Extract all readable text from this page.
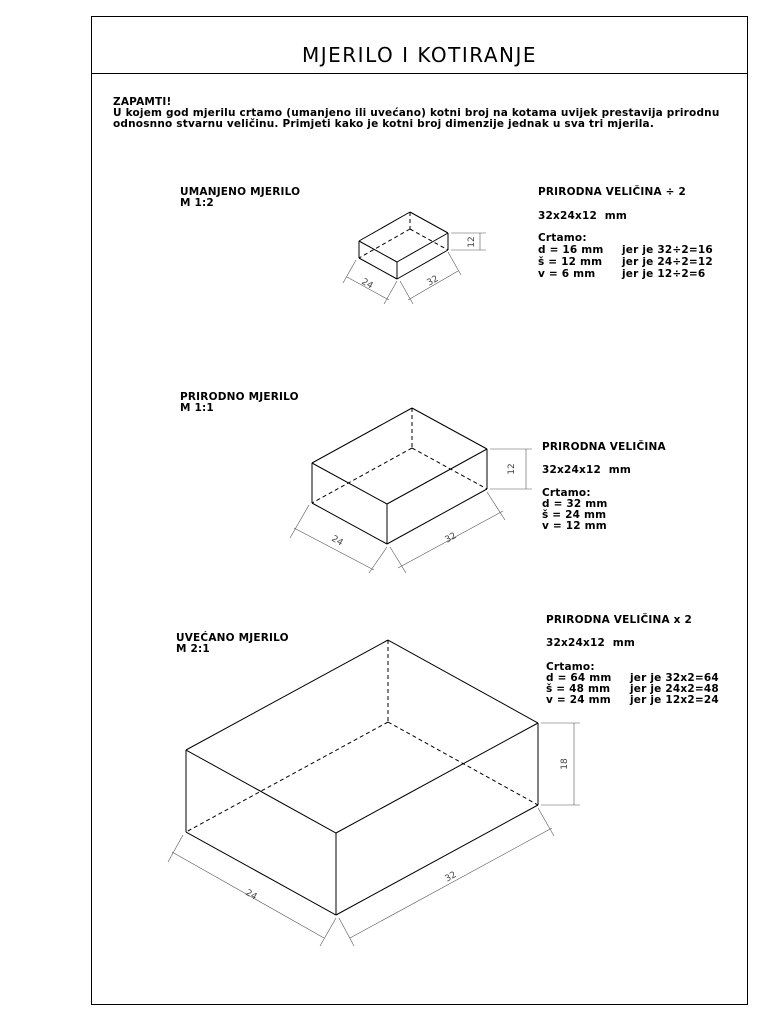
MJERILO I KOTIRANJE
ZAPAMTI!
U kojem god mjerilu crtamo (umanjeno ili uvećano) kotni broj na kotama uvijek prestavija prirodnu
odnosnno stvarnu veličinu. Primjeti kako je kotni broj dimenzije jednak u sva tri mjerila.
UMANJENO MJERILO
M 1:2
PRIRODNA VELIČINA ÷ 2
32x24x12  mm
Crtamo:
d = 16 mm jer je 32÷2=16
š = 12 mm jer je 24÷2=12
v = 6 mm	jer je 12÷2=6
PRIRODNO MJERILO
M 1:1
PRIRODNA VELIČINA
32x24x12  mm
Crtamo:
d = 32 mm
š = 24 mm
v = 12 mm
UVEĆANO MJERILO
M 2:1
PRIRODNA VELIČINA x 2
32x24x12  mm
Crtamo:
d = 64 mm jer je 32x2=64
š = 48 mm jer je 24x2=48
v = 24 mm jer je 12x2=24
12
24	32
12
24	32
18
24
32
